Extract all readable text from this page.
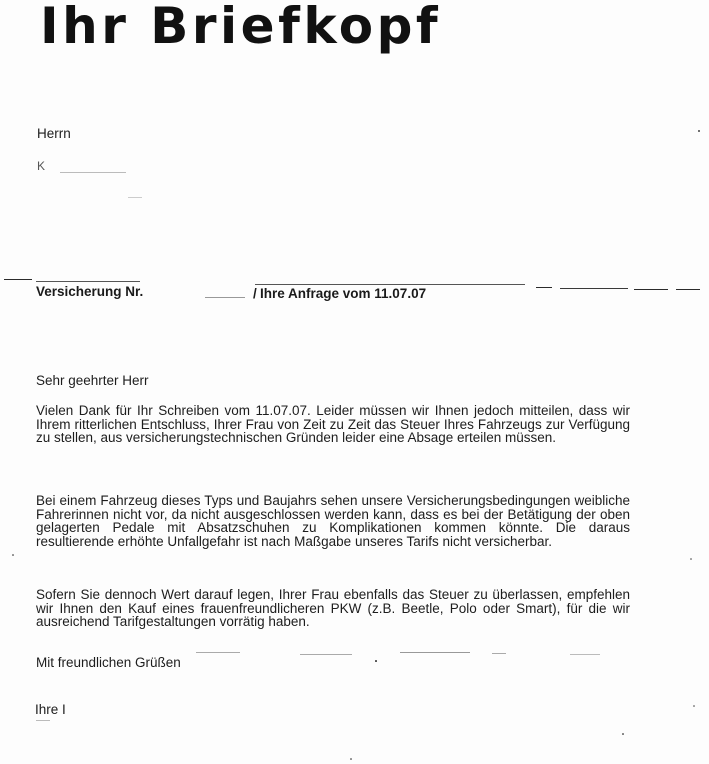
Ihr Briefkopf
Herrn
K
Versicherung Nr.	/ Ihre Anfrage vom 11.07.07
Sehr geehrter Herr
Vielen Dank für Ihr Schreiben vom 11.07.07. Leider müssen wir Ihnen jedoch mitteilen, dass wir Ihrem ritterlichen Entschluss, Ihrer Frau von Zeit zu Zeit das Steuer Ihres Fahrzeugs zur Verfügung zu stellen, aus versicherungstechnischen Gründen leider eine Absage erteilen müssen.
Bei einem Fahrzeug dieses Typs und Baujahrs sehen unsere Versicherungsbedingungen weibliche Fahrerinnen nicht vor, da nicht ausgeschlossen werden kann, dass es bei der Betätigung der oben gelagerten Pedale mit Absatzschuhen zu Komplikationen kommen könnte. Die daraus resultierende erhöhte Unfallgefahr ist nach Maßgabe unseres Tarifs nicht versicherbar.
Sofern Sie dennoch Wert darauf legen, Ihrer Frau ebenfalls das Steuer zu überlassen, empfehlen wir Ihnen den Kauf eines frauenfreundlicheren PKW (z.B. Beetle, Polo oder Smart), für die wir ausreichend Tarifgestaltungen vorrätig haben.
Mit freundlichen Grüßen
Ihre I
